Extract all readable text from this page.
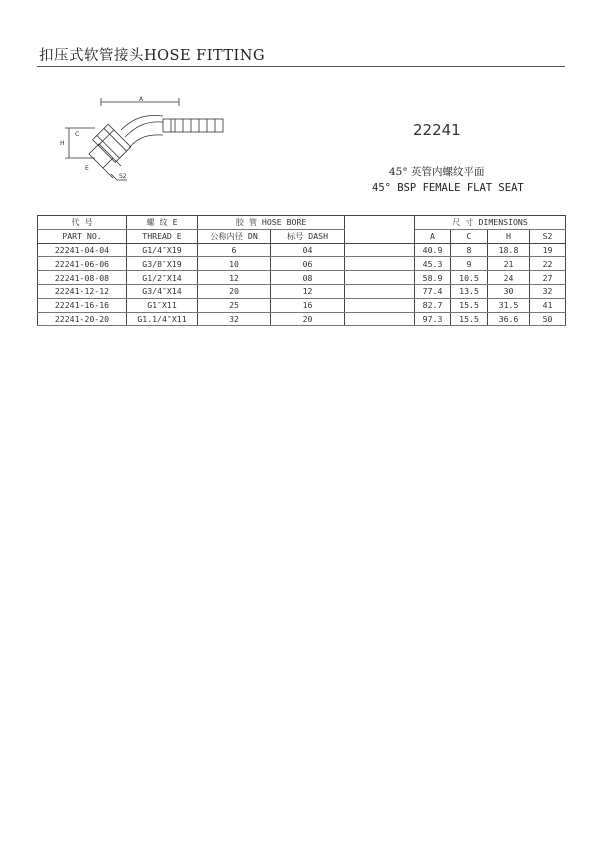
扣压式软管接头HOSE FITTING
A
H
C
E
S2
22241
45° 英管内螺纹平面
45° BSP FEMALE FLAT SEAT
代 号	螺 纹 E	胶 管 HOSE BORE			尺 寸 DIMENSIONS			
PART NO.	THREAD E	公称内径 DN	标号 DASH		A	C	H	S2
22241-04-04	G1/4″X19	6	04		40.9	8	18.8	19
22241-06-06	G3/8″X19	10	06		45.3	9	21	22
22241-08-08	G1/2″X14	12	08		58.9	10.5	24	27
22241-12-12	G3/4″X14	20	12		77.4	13.5	30	32
22241-16-16	G1″X11	25	16		82.7	15.5	31.5	41
22241-20-20	G1.1/4″X11	32	20		97.3	15.5	36.6	50
